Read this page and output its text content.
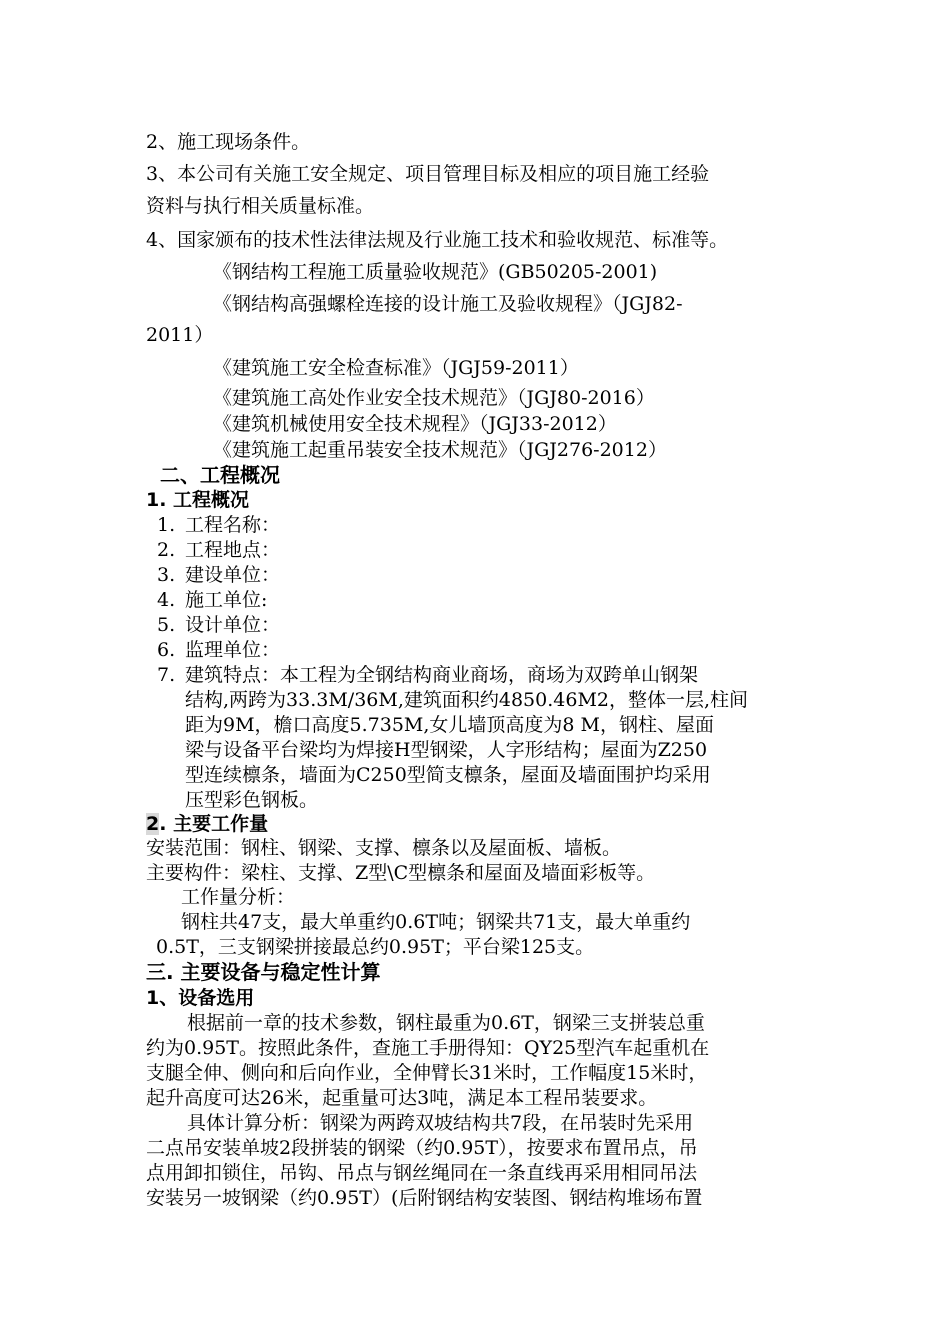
2、施工现场条件。
3、本公司有关施工安全规定、项目管理目标及相应的项目施工经验
资料与执行相关质量标准。
4、国家颁布的技术性法律法规及行业施工技术和验收规范、标准等。
《钢结构工程施工质量验收规范》(GB50205-2001)
《钢结构高强螺栓连接的设计施工及验收规程》（JGJ82-
2011）
《建筑施工安全检查标准》（JGJ59-2011）
《建筑施工高处作业安全技术规范》（JGJ80-2016）
《建筑机械使用安全技术规程》（JGJ33-2012）
《建筑施工起重吊装安全技术规范》（JGJ276-2012）
二、工程概况
1. 工程概况
1. 工程名称：
2. 工程地点：
3. 建设单位：
4. 施工单位:
5. 设计单位：
6. 监理单位：
7. 建筑特点：本工程为全钢结构商业商场，商场为双跨单山钢架
结构,两跨为33.3M/36M,建筑面积约4850.46M2，整体一层,柱间
距为9M，檐口高度5.735M,女儿墙顶高度为8 M，钢柱、屋面
梁与设备平台梁均为焊接H型钢梁，人字形结构；屋面为Z250
型连续檩条，墙面为C250型简支檩条，屋面及墙面围护均采用
压型彩色钢板。
2. 主要工作量
安装范围：钢柱、钢梁、支撑、檩条以及屋面板、墙板。
主要构件：梁柱、支撑、Z型\C型檩条和屋面及墙面彩板等。
工作量分析：
钢柱共47支，最大单重约0.6T吨；钢梁共71支，最大单重约
0.5T，三支钢梁拼接最总约0.95T；平台梁125支。
三. 主要设备与稳定性计算
1、设备选用
根据前一章的技术参数，钢柱最重为0.6T，钢梁三支拼装总重
约为0.95T。按照此条件，查施工手册得知：QY25型汽车起重机在
支腿全伸、侧向和后向作业，全伸臂长31米时，工作幅度15米时，
起升高度可达26米，起重量可达3吨，满足本工程吊装要求。
具体计算分析：钢梁为两跨双坡结构共7段，在吊装时先采用
二点吊安装单坡2段拼装的钢梁（约0.95T），按要求布置吊点，吊
点用卸扣锁住，吊钩、吊点与钢丝绳同在一条直线再采用相同吊法
安装另一坡钢梁（约0.95T）(后附钢结构安装图、钢结构堆场布置
